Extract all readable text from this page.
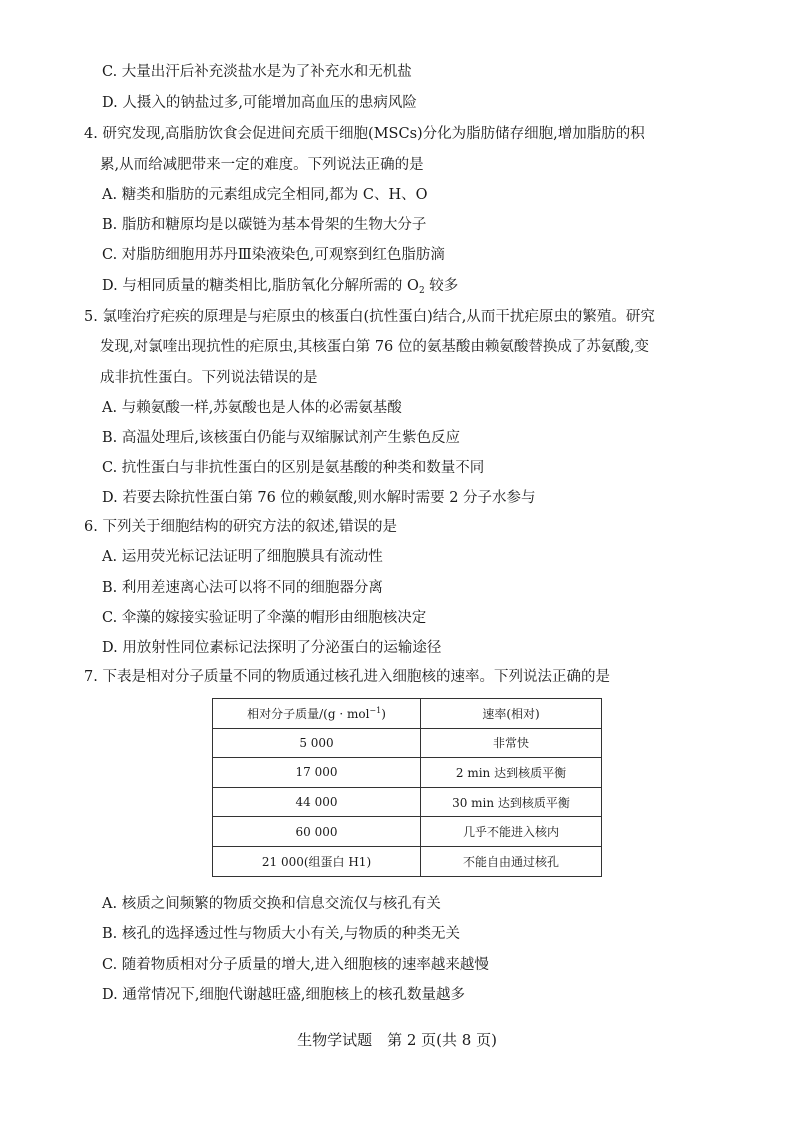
C. 大量出汗后补充淡盐水是为了补充水和无机盐
D. 人摄入的钠盐过多,可能增加高血压的患病风险
4. 研究发现,高脂肪饮食会促进间充质干细胞(MSCs)分化为脂肪储存细胞,增加脂肪的积
累,从而给减肥带来一定的难度。下列说法正确的是
A. 糖类和脂肪的元素组成完全相同,都为 C、H、O
B. 脂肪和糖原均是以碳链为基本骨架的生物大分子
C. 对脂肪细胞用苏丹Ⅲ染液染色,可观察到红色脂肪滴
D. 与相同质量的糖类相比,脂肪氧化分解所需的 $O_2$ 较多
5. 氯喹治疗疟疾的原理是与疟原虫的核蛋白(抗性蛋白)结合,从而干扰疟原虫的繁殖。研究
发现,对氯喹出现抗性的疟原虫,其核蛋白第 76 位的氨基酸由赖氨酸替换成了苏氨酸,变
成非抗性蛋白。下列说法错误的是
A. 与赖氨酸一样,苏氨酸也是人体的必需氨基酸
B. 高温处理后,该核蛋白仍能与双缩脲试剂产生紫色反应
C. 抗性蛋白与非抗性蛋白的区别是氨基酸的种类和数量不同
D. 若要去除抗性蛋白第 76 位的赖氨酸,则水解时需要 2 分子水参与
6. 下列关于细胞结构的研究方法的叙述,错误的是
A. 运用荧光标记法证明了细胞膜具有流动性
B. 利用差速离心法可以将不同的细胞器分离
C. 伞藻的嫁接实验证明了伞藻的帽形由细胞核决定
D. 用放射性同位素标记法探明了分泌蛋白的运输途径
7. 下表是相对分子质量不同的物质通过核孔进入细胞核的速率。下列说法正确的是
相对分子质量/(g · mol$^{-1}$)	速率(相对)
5 000	非常快
17 000	2 min 达到核质平衡
44 000	30 min 达到核质平衡
60 000	几乎不能进入核内
21 000(组蛋白 H1)	不能自由通过核孔
A. 核质之间频繁的物质交换和信息交流仅与核孔有关
B. 核孔的选择透过性与物质大小有关,与物质的种类无关
C. 随着物质相对分子质量的增大,进入细胞核的速率越来越慢
D. 通常情况下,细胞代谢越旺盛,细胞核上的核孔数量越多
生物学试题　第 2 页(共 8 页)
